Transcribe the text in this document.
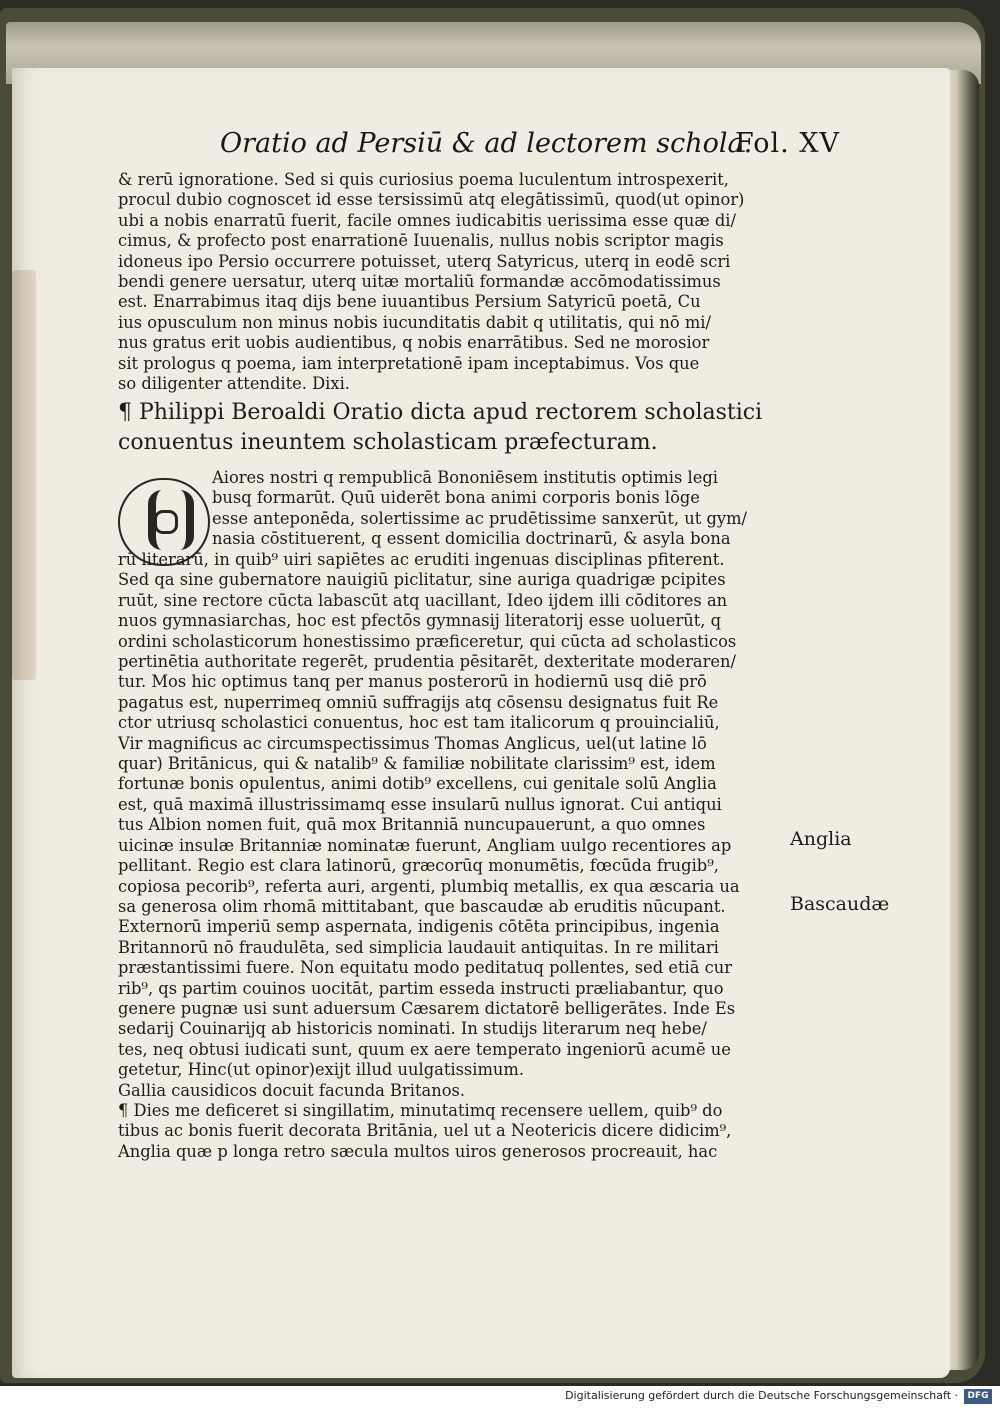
Oratio ad Persiū & ad lectorem schola.
Fol. XV
& rerū ignoratione. Sed si quis curiosius poema luculentum introspexerit,
procul dubio cognoscet id esse tersissimū atq elegātissimū, quod(ut opinor)
ubi a nobis enarratū fuerit, facile omnes iudicabitis uerissima esse quæ di/
cimus, & profecto post enarrationē Iuuenalis, nullus nobis scriptor magis
idoneus ipo Persio occurrere potuisset, uterq Satyricus, uterq in eodē scri
bendi genere uersatur, uterq uitæ mortaliū formandæ accōmodatissimus
est. Enarrabimus itaq dijs bene iuuantibus Persium Satyricū poetā, Cu
ius opusculum non minus nobis iucunditatis dabit q utilitatis, qui nō mi/
nus gratus erit uobis audientibus, q nobis enarrātibus. Sed ne morosior
sit prologus q poema, iam interpretationē ipam inceptabimus. Vos que
so diligenter attendite. Dixi.
¶ Philippi Beroaldi Oratio dicta apud rectorem scholastici
conuentus ineuntem scholasticam præfecturam.
Aiores nostri q rempublicā Bononiēsem institutis optimis legi
busq formarūt. Quū uiderēt bona animi corporis bonis lōge
esse anteponēda, solertissime ac prudētissime sanxerūt, ut gym/
nasia cōstituerent, q essent domicilia doctrinarū, & asyla bona
rū literarū, in quib⁹ uiri sapiētes ac eruditi ingenuas disciplinas pfiterent.
Sed qa sine gubernatore nauigiū piclitatur, sine auriga quadrigæ pcipites
ruūt, sine rectore cūcta labascūt atq uacillant, Ideo ijdem illi cōditores an
nuos gymnasiarchas, hoc est pfectōs gymnasij literatorij esse uoluerūt, q
ordini scholasticorum honestissimo præficeretur, qui cūcta ad scholasticos
pertinētia authoritate regerēt, prudentia pēsitarēt, dexteritate moderaren/
tur. Mos hic optimus tanq per manus posterorū in hodiernū usq diē prō
pagatus est, nuperrimeq omniū suffragijs atq cōsensu designatus fuit Re
ctor utriusq scholastici conuentus, hoc est tam italicorum q prouincialiū,
Vir magnificus ac circumspectissimus Thomas Anglicus, uel(ut latine lō
quar) Britānicus, qui & natalib⁹ & familiæ nobilitate clarissim⁹ est, idem
fortunæ bonis opulentus, animi dotib⁹ excellens, cui genitale solū Anglia
est, quā maximā illustrissimamq esse insularū nullus ignorat. Cui antiqui
tus Albion nomen fuit, quā mox Britanniā nuncupauerunt, a quo omnes
uicinæ insulæ Britanniæ nominatæ fuerunt, Angliam uulgo recentiores ap
pellitant. Regio est clara latinorū, græcorūq monumētis, fœcūda frugib⁹,
copiosa pecorib⁹, referta auri, argenti, plumbiq metallis, ex qua æscaria ua
sa generosa olim rhomā mittitabant, que bascaudæ ab eruditis nūcupant.
Externorū imperiū semp aspernata, indigenis cōtēta principibus, ingenia
Britannorū nō fraudulēta, sed simplicia laudauit antiquitas. In re militari
præstantissimi fuere. Non equitatu modo peditatuq pollentes, sed etiā cur
rib⁹, qs partim couinos uocitāt, partim esseda instructi præliabantur, quo
genere pugnæ usi sunt aduersum Cæsarem dictatorē belligerātes. Inde Es
sedarij Couinarijq ab historicis nominati. In studijs literarum neq hebe/
tes, neq obtusi iudicati sunt, quum ex aere temperato ingeniorū acumē ue
getetur, Hinc(ut opinor)exijt illud uulgatissimum.
Gallia causidicos docuit facunda Britanos.
¶ Dies me deficeret si singillatim, minutatimq recensere uellem, quib⁹ do
tibus ac bonis fuerit decorata Britānia, uel ut a Neotericis dicere didicim⁹,
Anglia quæ p longa retro sæcula multos uiros generosos procreauit, hac
Anglia
Bascaudæ
Digitalisierung gefördert durch die Deutsche Forschungsgemeinschaft ·	DFG
